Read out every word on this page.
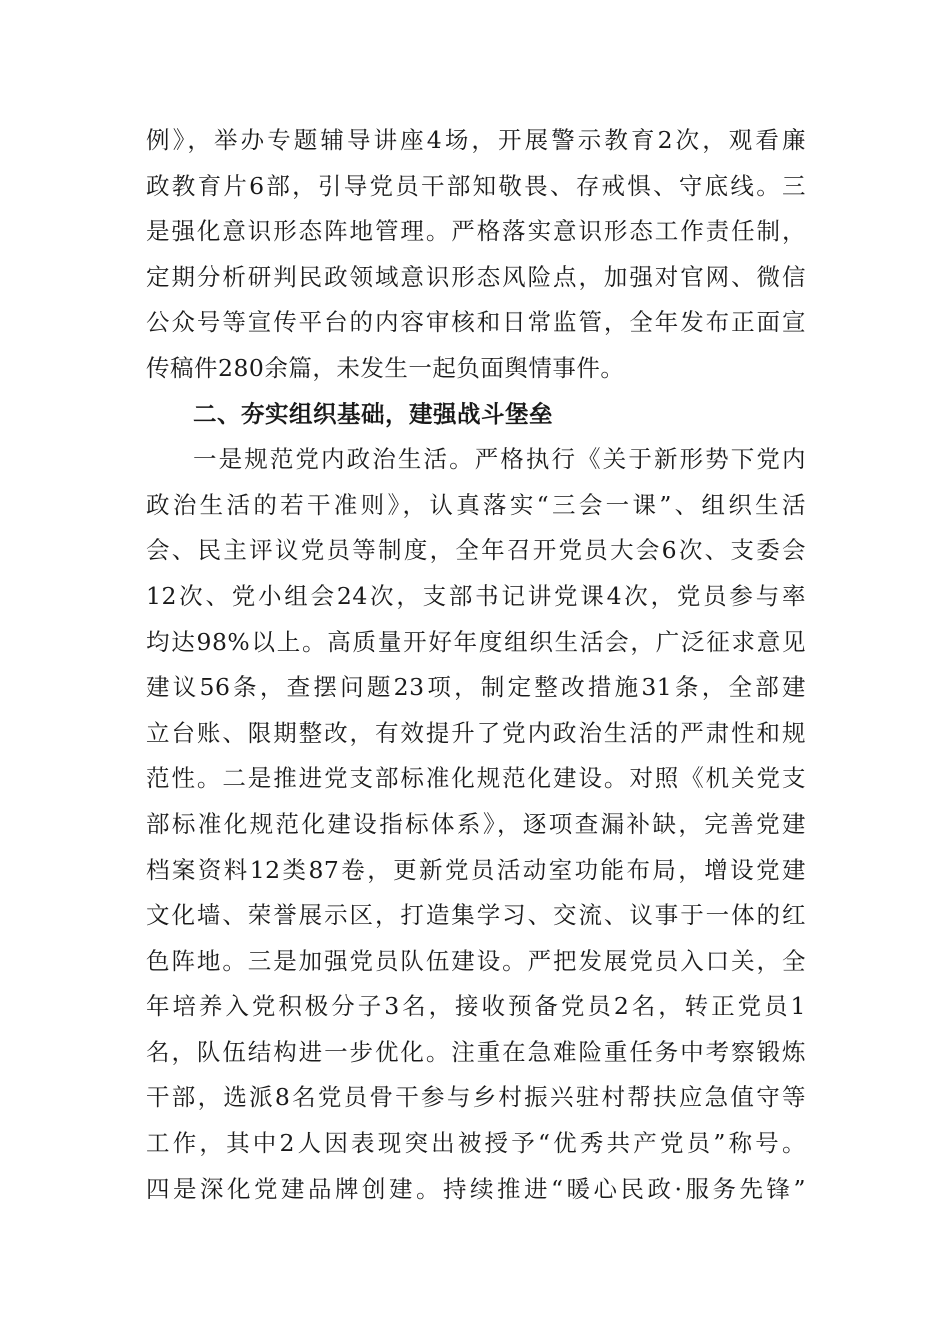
例》，举办专题辅导讲座4场，开展警示教育2次，观看廉
政教育片6部，引导党员干部知敬畏、存戒惧、守底线。三
是强化意识形态阵地管理。严格落实意识形态工作责任制，
定期分析研判民政领域意识形态风险点，加强对官网、微信
公众号等宣传平台的内容审核和日常监管，全年发布正面宣
传稿件280余篇，未发生一起负面舆情事件。
二、夯实组织基础，建强战斗堡垒
一是规范党内政治生活。严格执行《关于新形势下党内
政治生活的若干准则》，认真落实“三会一课”、组织生活
会、民主评议党员等制度，全年召开党员大会6次、支委会
12次、党小组会24次，支部书记讲党课4次，党员参与率
均达98%以上。高质量开好年度组织生活会，广泛征求意见
建议56条，查摆问题23项，制定整改措施31条，全部建
立台账、限期整改，有效提升了党内政治生活的严肃性和规
范性。二是推进党支部标准化规范化建设。对照《机关党支
部标准化规范化建设指标体系》，逐项查漏补缺，完善党建
档案资料12类87卷，更新党员活动室功能布局，增设党建
文化墙、荣誉展示区，打造集学习、交流、议事于一体的红
色阵地。三是加强党员队伍建设。严把发展党员入口关，全
年培养入党积极分子3名，接收预备党员2名，转正党员1
名，队伍结构进一步优化。注重在急难险重任务中考察锻炼
干部，选派8名党员骨干参与乡村振兴驻村帮扶应急值守等
工作，其中2人因表现突出被授予“优秀共产党员”称号。
四是深化党建品牌创建。持续推进“暖心民政·服务先锋”
